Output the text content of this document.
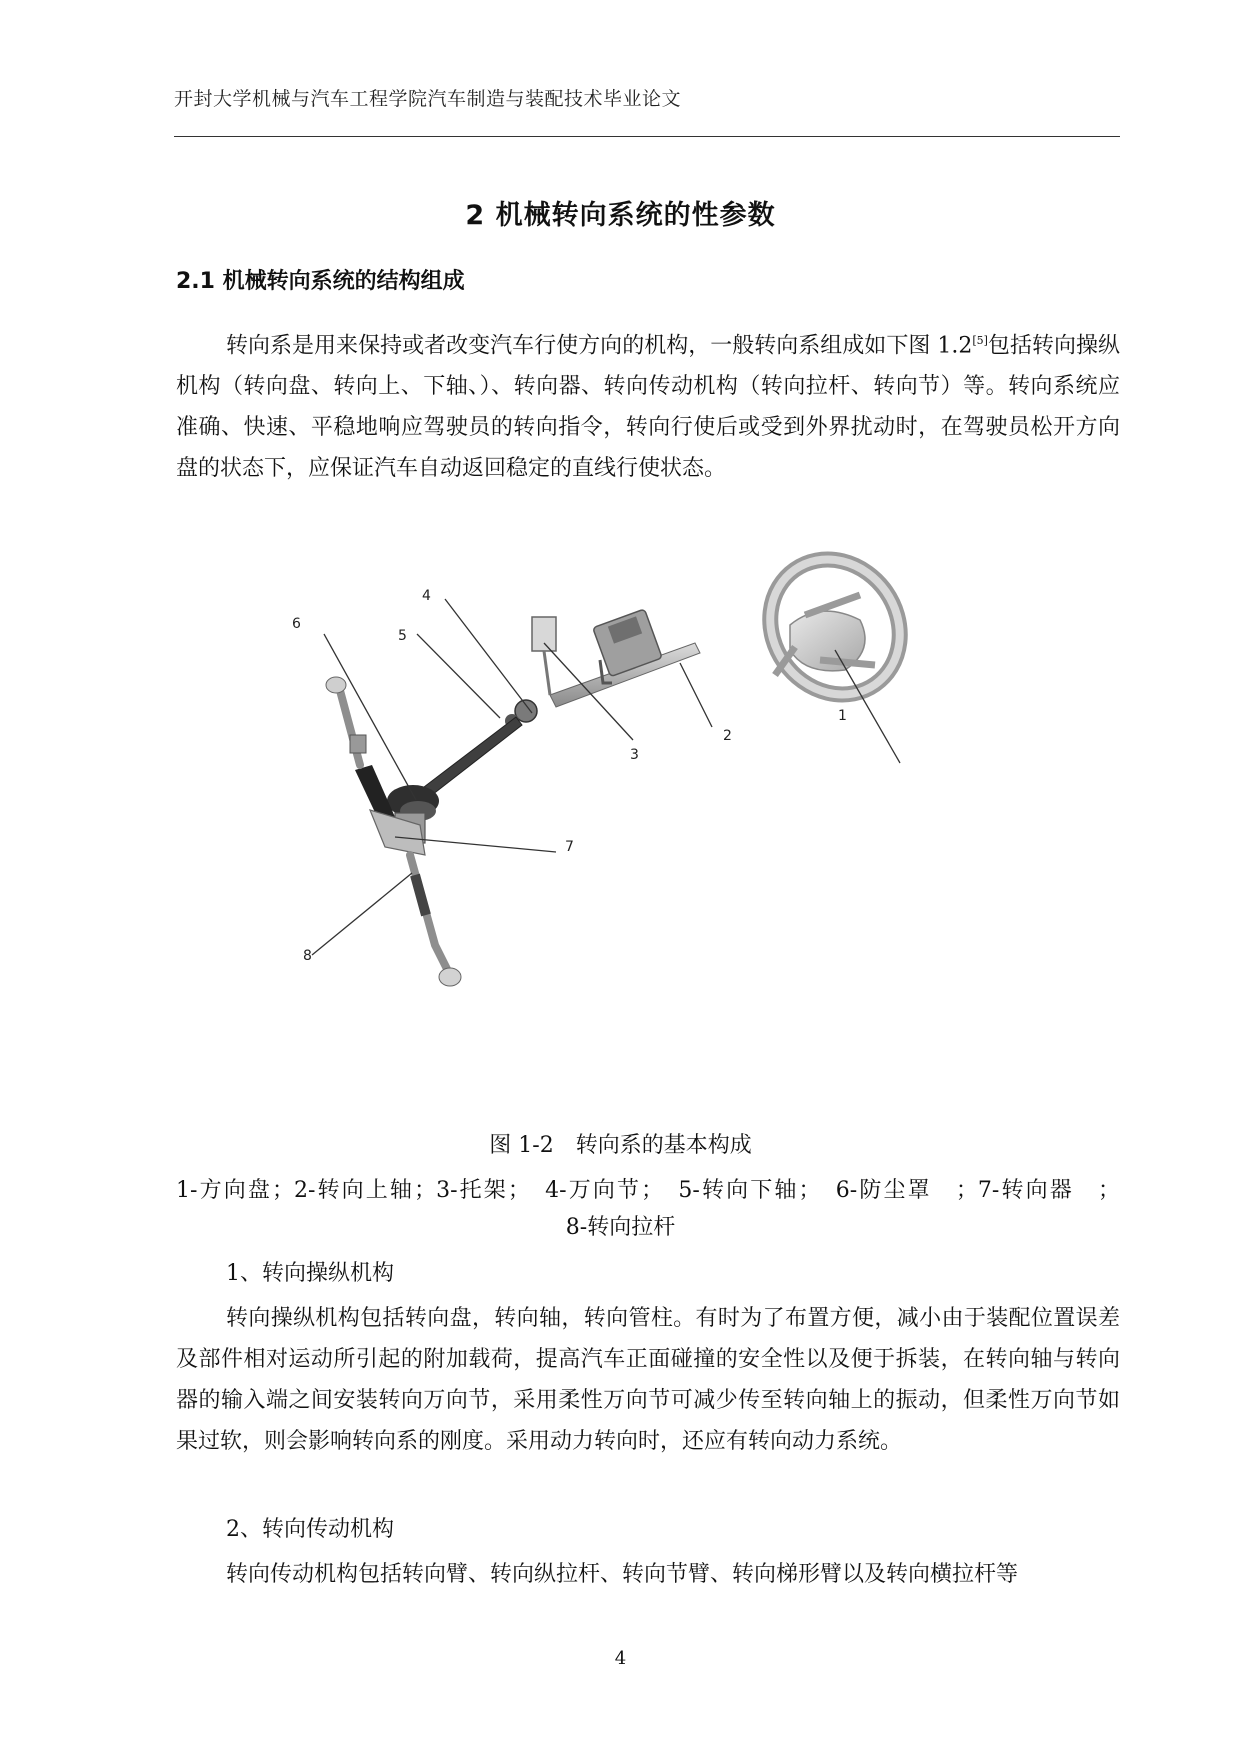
开封大学机械与汽车工程学院汽车制造与装配技术毕业论文
2 机械转向系统的性参数
2.1 机械转向系统的结构组成

转向系是用来保持或者改变汽车行使方向的机构，一般转向系组成如下图 1.2[5]包括转向操纵机构（转向盘、转向上、下轴、）、转向器、转向传动机构（转向拉杆、转向节）等。转向系统应准确、快速、平稳地响应驾驶员的转向指令，转向行使后或受到外界扰动时，在驾驶员松开方向盘的状态下，应保证汽车自动返回稳定的直线行使状态。

1
2
3
4
5
6
7
8
图 1-2　转向系的基本构成
1-方向盘；2-转向上轴；3-托架；　4-万向节；　5-转向下轴；　6-防尘罩　；7-转向器　；
8-转向拉杆
1、转向操纵机构

转向操纵机构包括转向盘，转向轴，转向管柱。有时为了布置方便，减小由于装配位置误差及部件相对运动所引起的附加载荷，提高汽车正面碰撞的安全性以及便于拆装，在转向轴与转向器的输入端之间安装转向万向节，采用柔性万向节可减少传至转向轴上的振动，但柔性万向节如果过软，则会影响转向系的刚度。采用动力转向时，还应有转向动力系统。

2、转向传动机构

转向传动机构包括转向臂、转向纵拉杆、转向节臂、转向梯形臂以及转向横拉杆等

4
